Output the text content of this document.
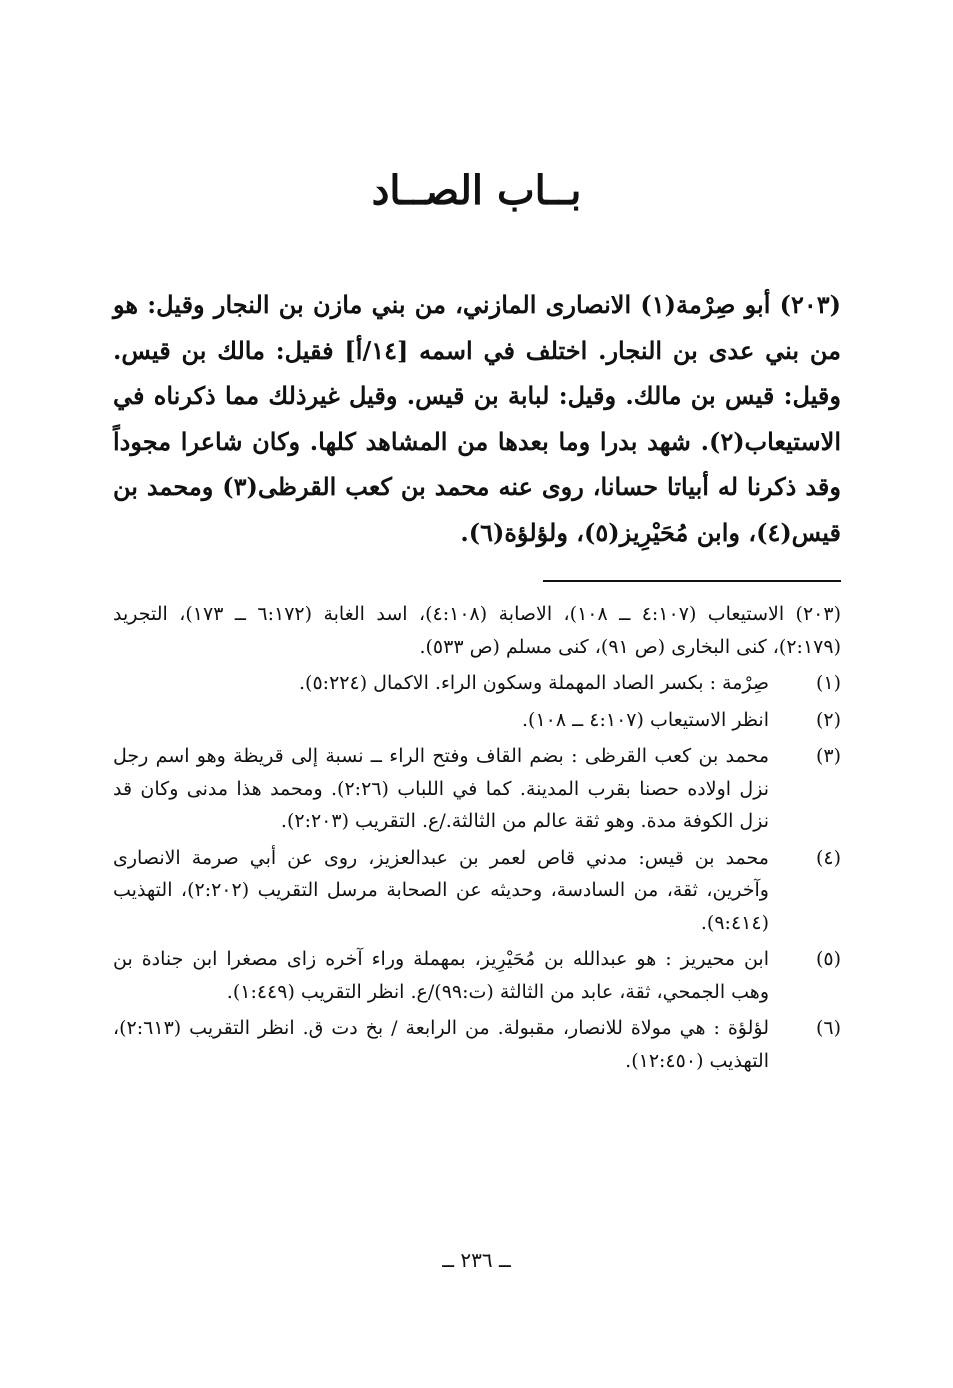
بــاب الصــاد

(٢٠٣) أبو صِرْمة(١) الانصارى المازني، من بني مازن بن النجار وقيل: هو من بني عدى بن النجار. اختلف في اسمه [١٤/أ] فقيل: مالك بن قيس. وقيل: قيس بن مالك. وقيل: لبابة بن قيس. وقيل غيرذلك مما ذكرناه في الاستيعاب(٢). شهد بدرا وما بعدها من المشاهد كلها. وكان شاعرا مجوداً وقد ذكرنا له أبياتا حسانا، روى عنه محمد بن كعب القرظى(٣) ومحمد بن قيس(٤)، وابن مُحَيْرِيز(٥)، ولؤلؤة(٦).

(٢٠٣) الاستيعاب (٤:١٠٧ ــ ١٠٨)، الاصابة (٤:١٠٨)، اسد الغابة (٦:١٧٢ ــ ١٧٣)، التجريد (٢:١٧٩)، كنى البخارى (ص ٩١)، كنى مسلم (ص ٥٣٣).

(١)
صِرْمة : بكسر الصاد المهملة وسكون الراء. الاكمال (٥:٢٢٤).
(٢)
انظر الاستيعاب (٤:١٠٧ ــ ١٠٨).
(٣)
محمد بن كعب القرظى : بضم القاف وفتح الراء ــ نسبة إلى قريظة وهو اسم رجل نزل اولاده حصنا بقرب المدينة. كما في اللباب (٢:٢٦). ومحمد هذا مدنى وكان قد نزل الكوفة مدة. وهو ثقة عالم من الثالثة./ع. التقريب (٢:٢٠٣).
(٤)
محمد بن قيس: مدني قاص لعمر بن عبدالعزيز، روى عن أبي صرمة الانصارى وآخرين، ثقة، من السادسة، وحديثه عن الصحابة مرسل التقريب (٢:٢٠٢)، التهذيب (٩:٤١٤).
(٥)
ابن محيريز : هو عبدالله بن مُحَيْرِيز، بمهملة وراء آخره زاى مصغرا ابن جنادة بن وهب الجمحي، ثقة، عابد من الثالثة (ت:٩٩)/ع. انظر التقريب (١:٤٤٩).
(٦)
لؤلؤة : هي مولاة للانصار، مقبولة. من الرابعة / بخ دت ق. انظر التقريب (٢:٦١٣)، التهذيب (١٢:٤٥٠).
ــ ٢٣٦ ــ
